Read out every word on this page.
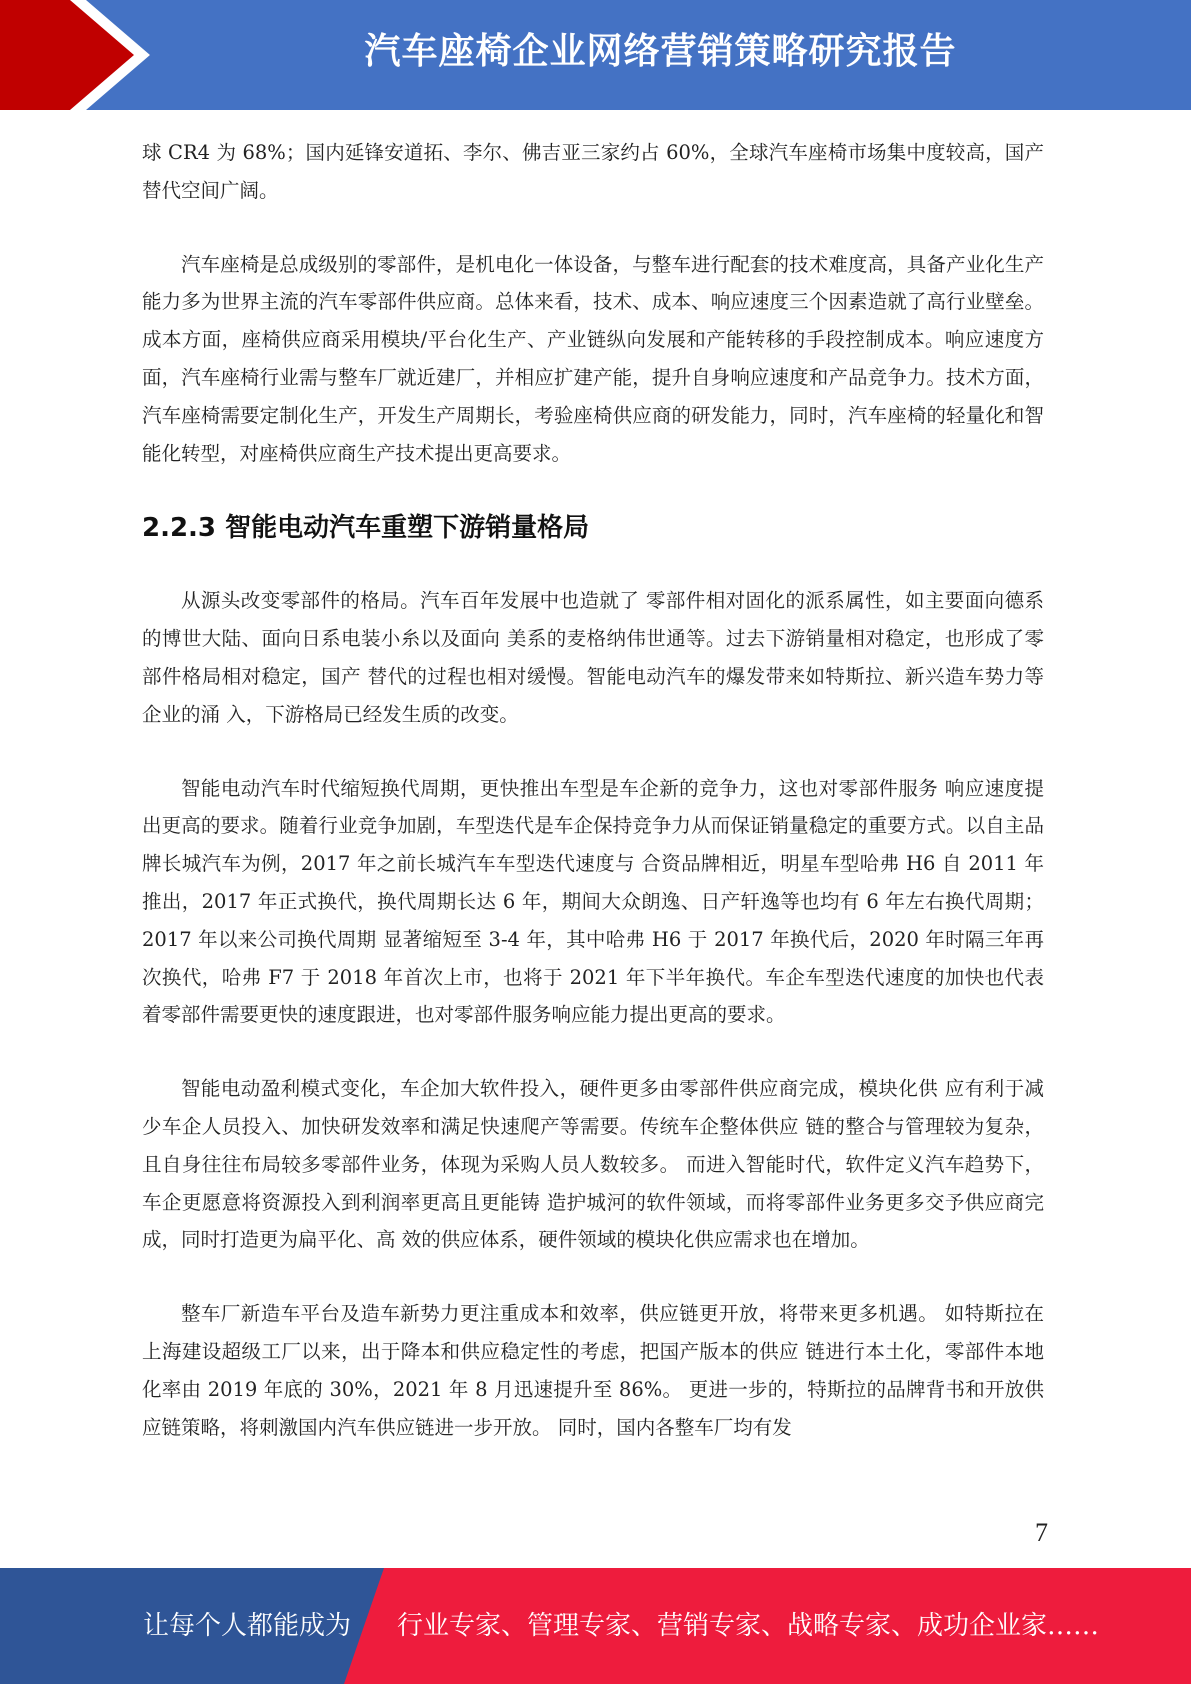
汽车座椅企业网络营销策略研究报告

球 CR4 为 68%；国内延锋安道拓、李尔、佛吉亚三家约占 60%，全球汽车座椅市场集中度较高，国产替代空间广阔。

汽车座椅是总成级别的零部件，是机电化一体设备，与整车进行配套的技术难度高，具备产业化生产能力多为世界主流的汽车零部件供应商。总体来看，技术、成本、响应速度三个因素造就了高行业壁垒。成本方面，座椅供应商采用模块/平台化生产、产业链纵向发展和产能转移的手段控制成本。响应速度方面，汽车座椅行业需与整车厂就近建厂，并相应扩建产能，提升自身响应速度和产品竞争力。技术方面，汽车座椅需要定制化生产，开发生产周期长，考验座椅供应商的研发能力，同时，汽车座椅的轻量化和智能化转型，对座椅供应商生产技术提出更高要求。

2.2.3 智能电动汽车重塑下游销量格局

从源头改变零部件的格局。汽车百年发展中也造就了 零部件相对固化的派系属性，如主要面向德系的博世大陆、面向日系电装小糸以及面向 美系的麦格纳伟世通等。过去下游销量相对稳定，也形成了零部件格局相对稳定，国产 替代的过程也相对缓慢。智能电动汽车的爆发带来如特斯拉、新兴造车势力等企业的涌 入，下游格局已经发生质的改变。

智能电动汽车时代缩短换代周期，更快推出车型是车企新的竞争力，这也对零部件服务 响应速度提出更高的要求。随着行业竞争加剧，车型迭代是车企保持竞争力从而保证销量稳定的重要方式。以自主品牌长城汽车为例，2017 年之前长城汽车车型迭代速度与 合资品牌相近，明星车型哈弗 H6 自 2011 年推出，2017 年正式换代，换代周期长达 6 年，期间大众朗逸、日产轩逸等也均有 6 年左右换代周期；2017 年以来公司换代周期 显著缩短至 3-4 年，其中哈弗 H6 于 2017 年换代后，2020 年时隔三年再次换代，哈弗 F7 于 2018 年首次上市，也将于 2021 年下半年换代。车企车型迭代速度的加快也代表 着零部件需要更快的速度跟进，也对零部件服务响应能力提出更高的要求。

智能电动盈利模式变化，车企加大软件投入，硬件更多由零部件供应商完成，模块化供 应有利于减少车企人员投入、加快研发效率和满足快速爬产等需要。传统车企整体供应 链的整合与管理较为复杂，且自身往往布局较多零部件业务，体现为采购人员人数较多。 而进入智能时代，软件定义汽车趋势下，车企更愿意将资源投入到利润率更高且更能铸 造护城河的软件领域，而将零部件业务更多交予供应商完成，同时打造更为扁平化、高 效的供应体系，硬件领域的模块化供应需求也在增加。

整车厂新造车平台及造车新势力更注重成本和效率，供应链更开放，将带来更多机遇。 如特斯拉在上海建设超级工厂以来，出于降本和供应稳定性的考虑，把国产版本的供应 链进行本土化，零部件本地化率由 2019 年底的 30%，2021 年 8 月迅速提升至 86%。 更进一步的，特斯拉的品牌背书和开放供应链策略，将刺激国内汽车供应链进一步开放。 同时，国内各整车厂均有发

7
让每个人都能成为 行业专家、管理专家、营销专家、战略专家、成功企业家……
